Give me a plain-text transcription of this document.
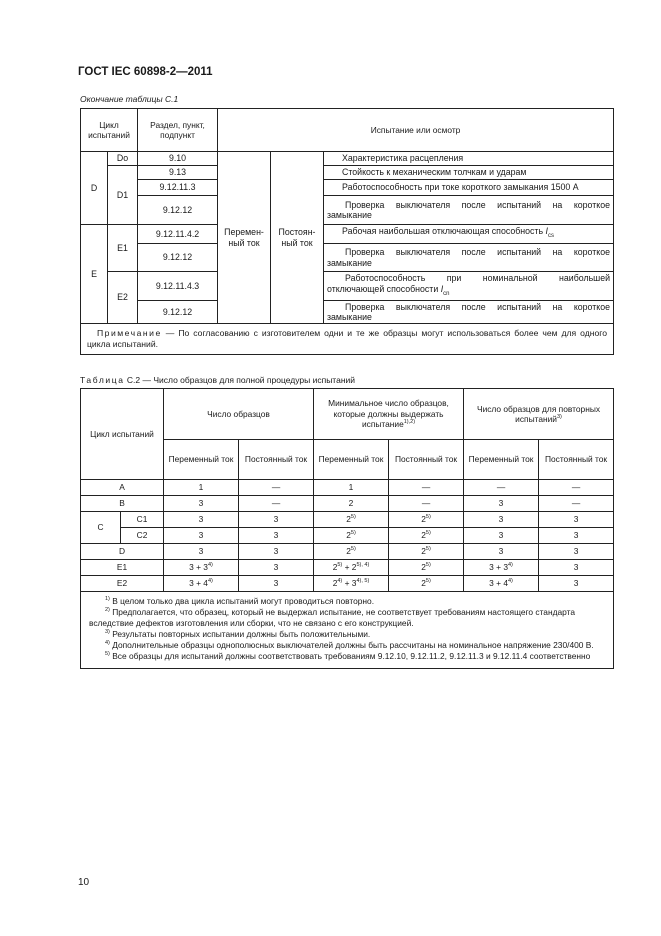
ГОСТ IEC 60898-2—2011
Окончание таблицы С.1
Цикл испытаний		Раздел, пункт, подпункт	Испытание или осмотр		
D	Do	9.10	Перемен-ный ток	Постоян-ный ток	Характеристика расцепления
	D1	9.13			Стойкость к механическим толчкам и ударам
		9.12.11.3			Работоспособность при токе короткого замыкания 1500 А
		9.12.12			Проверка выключателя после испытаний на короткое замыкание
E	E1	9.12.11.4.2			Рабочая наибольшая отключающая способность $I_{cs}$
		9.12.12			Проверка выключателя после испытаний на короткое замыкание
	E2	9.12.11.4.3			Работоспособность при номинальной наибольшей отключающей способности $I_{cn}$
		9.12.12			Проверка выключателя после испытаний на короткое замыкание
Примечание — По согласованию с изготовителем одни и те же образцы могут использоваться более чем для одного цикла испытаний.					
Таблица С.2 — Число образцов для полной процедуры испытаний
Цикл испытаний		Число образцов		Минимальное число образцов, которые должны выдержать испытание$^{1),2)}$		Число образцов для повторных испытаний$^{3)}$
		Переменный ток	Постоянный ток	Переменный ток	Постоянный ток	Переменный ток	Постоянный ток
A		1	—	1	—	—	—
B		3	—	2	—	3	—
C	C1	3	3	2$^{5)}$	2$^{5)}$	3	3
	C2	3	3	2$^{5)}$	2$^{5)}$	3	3
D		3	3	2$^{5)}$	2$^{5)}$	3	3
E1		$3 + 3^{4)}$	3	$2^{5)} + 2^{5), 4)}$	2$^{5)}$	$3 + 3^{4)}$	3
E2		$3 + 4^{4)}$	3	$2^{4)} + 3^{4), 5)}$	2$^{5)}$	$3 + 4^{4)}$	3

$^{1)}$ В целом только два цикла испытаний могут проводиться повторно.

$^{2)}$ Предполагается, что образец, который не выдержал испытание, не соответствует требованиям настоящего стандарта вследствие дефектов изготовления или сборки, что не связано с его конструкцией.

$^{3)}$ Результаты повторных испытании должны быть положительными.

$^{4)}$ Дополнительные образцы однополюсных выключателей должны быть рассчитаны на номинальное напряжение 230/400 В.

$^{5)}$ Все образцы для испытаний должны соответствовать требованиям 9.12.10, 9.12.11.2, 9.12.11.3 и 9.12.11.4 соответственно							

10
